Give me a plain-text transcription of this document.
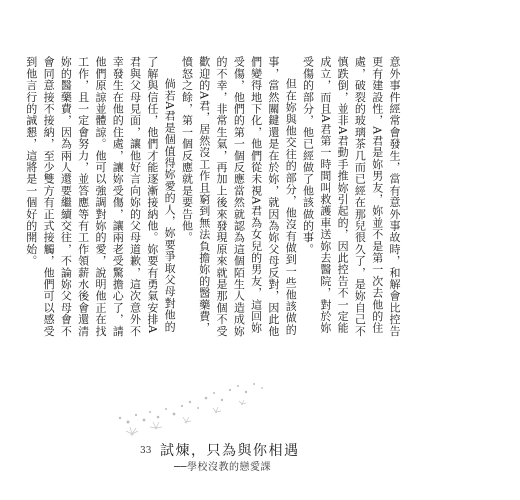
意外事件經常會發生，當有意外事故時，和解會比控告更有建設性，A君是妳男友，妳並不是第一次去他的住處，破裂的玻璃茶几而已經在那兒很久了，是妳自己不慎跌倒，並非A君動手推妳引起的，因此控告不一定能成立，而且A君第一時間叫救護車送妳去醫院，對於妳受傷的部分，他已經做了他該做的事。

但在妳與他交往的部分，他沒有做到一些他該做的事，當然關鍵還是在於妳，就因為妳父母反對，因此他們變得地下化，他們從未視A君為女兒的男友，這回妳受傷，他們的第一個反應當然就認為這個陌生人造成妳的不幸，非常生氣，再加上後來發現原來就是那個不受歡迎的A君，居然沒工作且窮到無法負擔妳的醫藥費，憤怒之餘，第一個反應就是要告他。

倘若A君是個值得妳愛的人，妳要爭取父母對他的了解與信任，他們才能逐漸接納他。妳要有勇氣安排A君與父母見面，讓他好言向妳的父母道歉，這次意外不幸發生在他的住處，讓妳受傷，讓兩老受驚擔心了，請他們原諒並體諒。他可以強調對妳的愛，說明他正在找工作，且一定會努力，並答應等有工作領薪水後會還清妳的醫藥費，因為兩人還要繼續交往，不論妳父母會不會同意接不接納，至少雙方有正式接觸，他們可以感受到他言行的誠懇，這將是一個好的開始。

33 試煉，只為與你相遇
──學校沒教的戀愛課
